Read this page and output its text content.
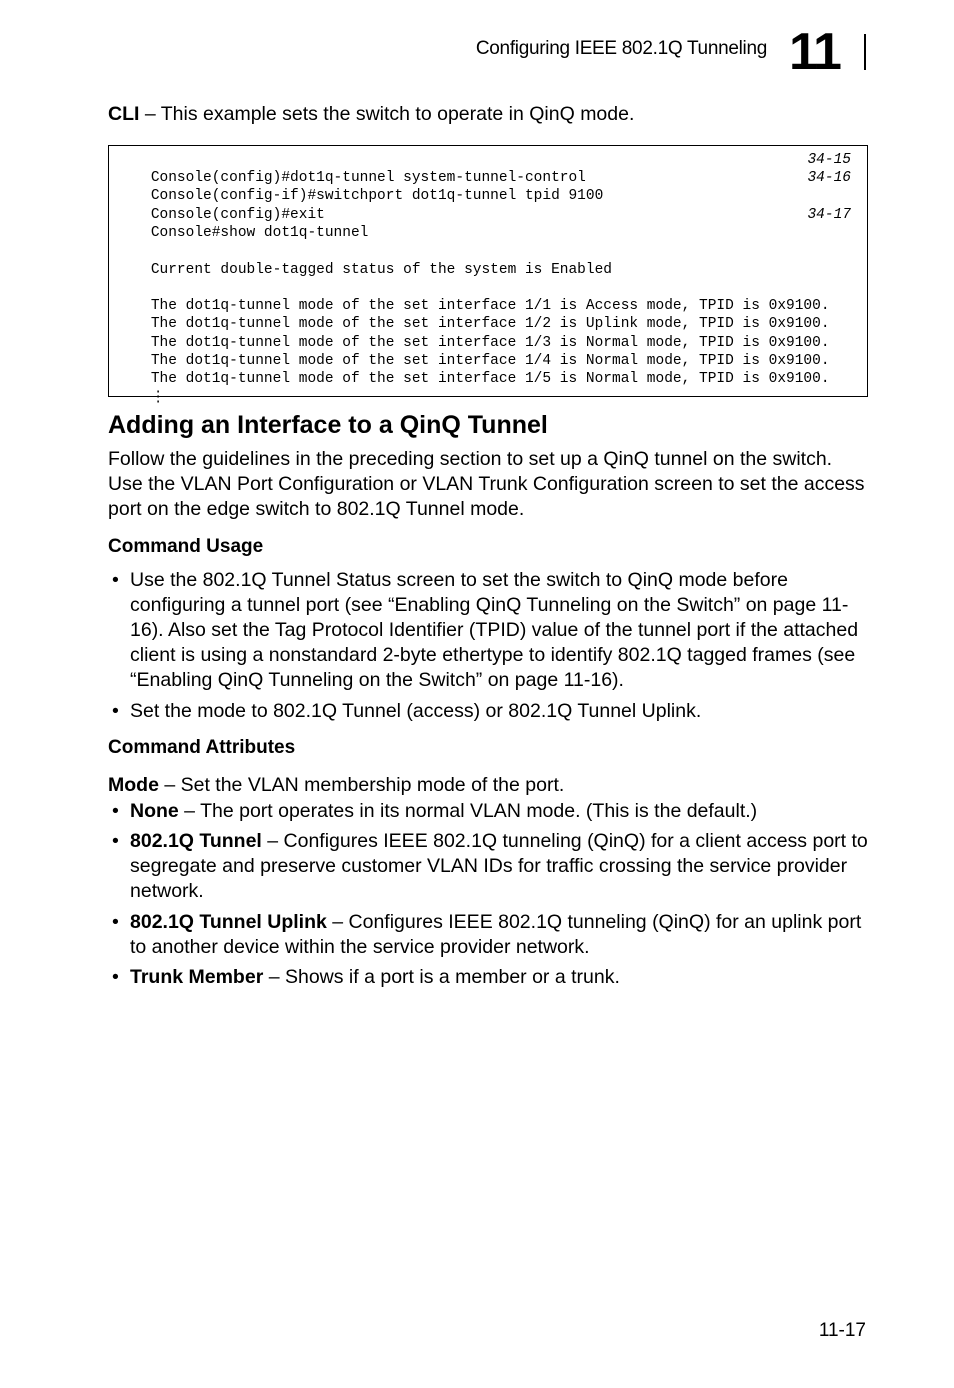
Configuring IEEE 802.1Q Tunneling 11
CLI – This example sets the switch to operate in QinQ mode.

Console(config)#dot1q-tunnel system-tunnel-control

34-15

Console(config-if)#switchport dot1q-tunnel tpid 9100

34-16

Console(config)#exit

Console#show dot1q-tunnel

34-17

Current double-tagged status of the system is Enabled

The dot1q-tunnel mode of the set interface 1/1 is Access mode, TPID is 0x9100.

The dot1q-tunnel mode of the set interface 1/2 is Uplink mode, TPID is 0x9100.

The dot1q-tunnel mode of the set interface 1/3 is Normal mode, TPID is 0x9100.

The dot1q-tunnel mode of the set interface 1/4 is Normal mode, TPID is 0x9100.

The dot1q-tunnel mode of the set interface 1/5 is Normal mode, TPID is 0x9100.

⋮

Adding an Interface to a QinQ Tunnel
Follow the guidelines in the preceding section to set up a QinQ tunnel on the switch. Use the VLAN Port Configuration or VLAN Trunk Configuration screen to set the access port on the edge switch to 802.1Q Tunnel mode.
Command Usage
• Use the 802.1Q Tunnel Status screen to set the switch to QinQ mode before configuring a tunnel port (see “Enabling QinQ Tunneling on the Switch” on page 11-16). Also set the Tag Protocol Identifier (TPID) value of the tunnel port if the attached client is using a nonstandard 2-byte ethertype to identify 802.1Q tagged frames (see “Enabling QinQ Tunneling on the Switch” on page 11-16).
• Set the mode to 802.1Q Tunnel (access) or 802.1Q Tunnel Uplink.
Command Attributes
Mode – Set the VLAN membership mode of the port.
• None – The port operates in its normal VLAN mode. (This is the default.)
• 802.1Q Tunnel – Configures IEEE 802.1Q tunneling (QinQ) for a client access port to segregate and preserve customer VLAN IDs for traffic crossing the service provider network.
• 802.1Q Tunnel Uplink – Configures IEEE 802.1Q tunneling (QinQ) for an uplink port to another device within the service provider network.
• Trunk Member – Shows if a port is a member or a trunk.
11-17
